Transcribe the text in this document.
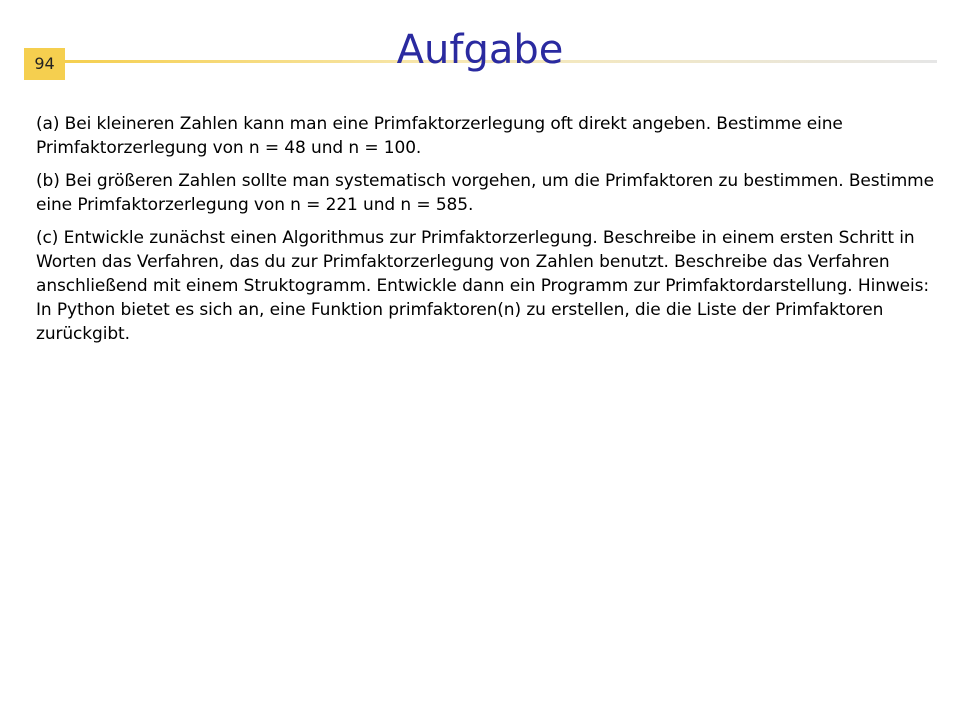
94	Aufgabe

(a) Bei kleineren Zahlen kann man eine Primfaktorzerlegung oft direkt angeben. Bestimme eine Primfaktorzerlegung von n = 48 und n = 100.

(b) Bei größeren Zahlen sollte man systematisch vorgehen, um die Primfaktoren zu bestimmen. Bestimme eine Primfaktorzerlegung von n = 221 und n = 585.

(c) Entwickle zunächst einen Algorithmus zur Primfaktorzerlegung. Beschreibe in einem ersten Schritt in Worten das Verfahren, das du zur Primfaktorzerlegung von Zahlen benutzt. Beschreibe das Verfahren anschließend mit einem Struktogramm. Entwickle dann ein Programm zur Primfaktordarstellung. Hinweis: In Python bietet es sich an, eine Funktion primfaktoren(n) zu erstellen, die die Liste der Primfaktoren zurückgibt.
